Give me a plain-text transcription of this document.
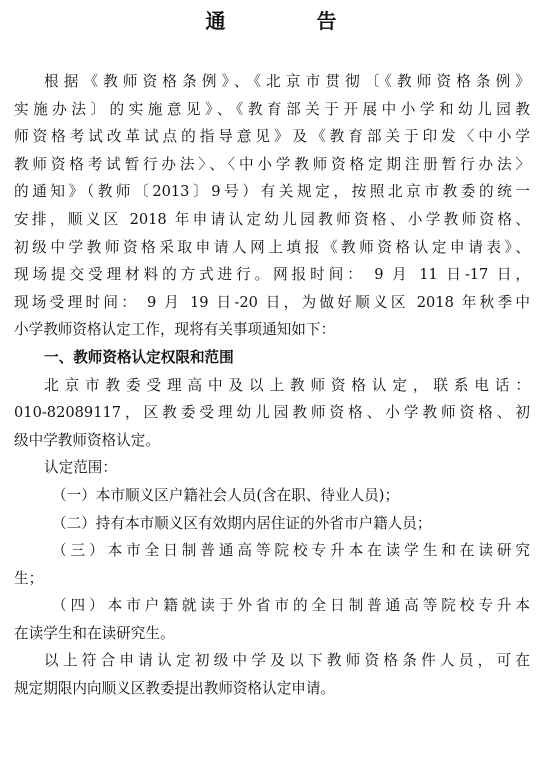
通	告
根据《教师资格条例》、《北京市贯彻〔《教师资格条例》
实施办法〕的实施意见》、《教育部关于开展中小学和幼儿园教
师资格考试改革试点的指导意见》及《教育部关于印发〈中小学
教师资格考试暂行办法〉、〈中小学教师资格定期注册暂行办法〉
的通知》（教师〔2013〕9号）有关规定，按照北京市教委的统一
安排，顺义区 2018 年申请认定幼儿园教师资格、小学教师资格、
初级中学教师资格采取申请人网上填报《教师资格认定申请表》、
现场提交受理材料的方式进行。网报时间： 9 月 11 日-17 日，
现场受理时间： 9 月 19 日-20 日，为做好顺义区 2018 年秋季中
小学教师资格认定工作，现将有关事项通知如下：
一、教师资格认定权限和范围
北京市教委受理高中及以上教师资格认定，联系电话：
010-82089117，区教委受理幼儿园教师资格、小学教师资格、初
级中学教师资格认定。
认定范围：
（一）本市顺义区户籍社会人员(含在职、待业人员)；
（二）持有本市顺义区有效期内居住证的外省市户籍人员；
（三）本市全日制普通高等院校专升本在读学生和在读研究
生；
（四）本市户籍就读于外省市的全日制普通高等院校专升本
在读学生和在读研究生。
以上符合申请认定初级中学及以下教师资格条件人员，可在
规定期限内向顺义区教委提出教师资格认定申请。
